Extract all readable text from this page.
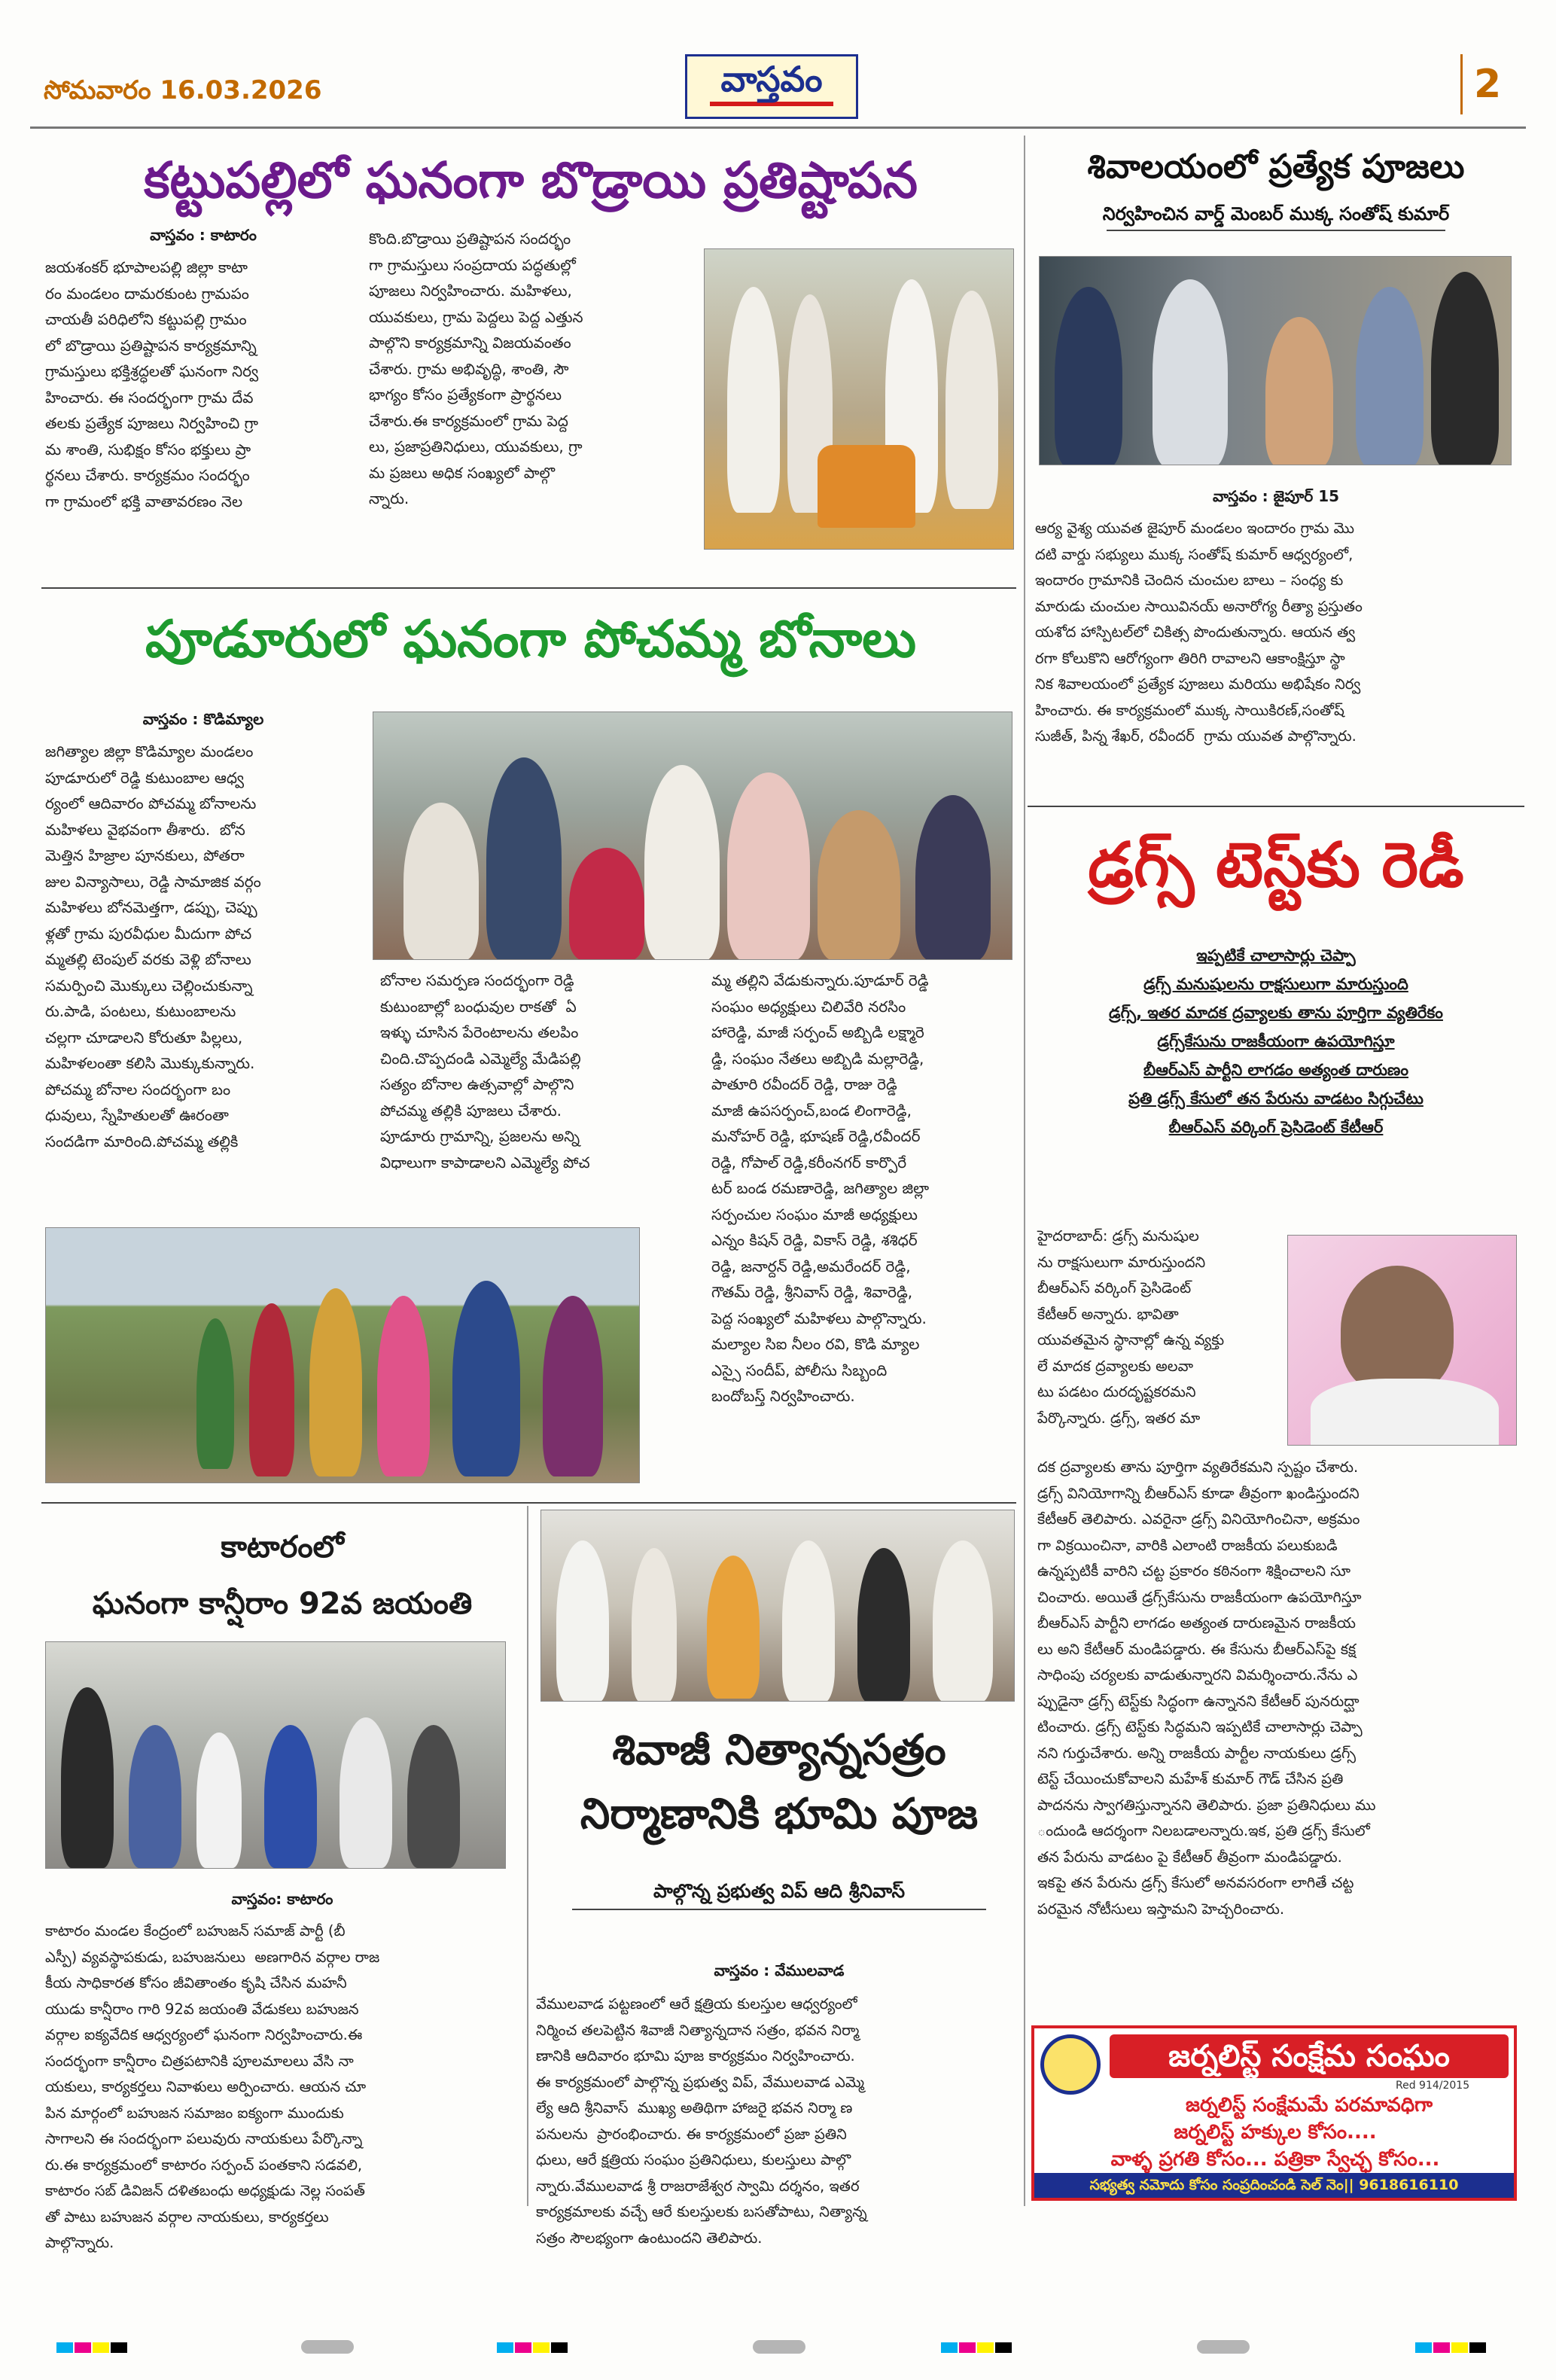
సోమవారం 16.03.2026	వాస్తవం	2
కట్టుపల్లిలో ఘనంగా బొడ్రాయి ప్రతిష్టాపన
వాస్తవం : కాటారం
జయశంకర్ భూపాలపల్లి జిల్లా కాటా
రం మండలం దామరకుంట గ్రామపం
చాయతీ పరిధిలోని కట్టుపల్లి గ్రామం
లో బొడ్రాయి ప్రతిష్టాపన కార్యక్రమాన్ని
గ్రామస్తులు భక్తిశ్రద్ధలతో ఘనంగా నిర్వ
హించారు. ఈ సందర్భంగా గ్రామ దేవ
తలకు ప్రత్యేక పూజలు నిర్వహించి గ్రా
మ శాంతి, సుభిక్షం కోసం భక్తులు ప్రా
ర్థనలు చేశారు. కార్యక్రమం సందర్భం
గా గ్రామంలో భక్తి వాతావరణం నెల
కొంది.బొడ్రాయి ప్రతిష్టాపన సందర్భం
గా గ్రామస్తులు సంప్రదాయ పద్ధతుల్లో
పూజలు నిర్వహించారు. మహిళలు,
యువకులు, గ్రామ పెద్దలు పెద్ద ఎత్తున
పాల్గొని కార్యక్రమాన్ని విజయవంతం
చేశారు. గ్రామ అభివృద్ధి, శాంతి, సౌ
భాగ్యం కోసం ప్రత్యేకంగా ప్రార్థనలు
చేశారు.ఈ కార్యక్రమంలో గ్రామ పెద్ద
లు, ప్రజాప్రతినిధులు, యువకులు, గ్రా
మ ప్రజలు అధిక సంఖ్యలో పాల్గొ
న్నారు.
శివాలయంలో ప్రత్యేక పూజలు
నిర్వహించిన వార్డ్ మెంబర్ ముక్క సంతోష్ కుమార్
వాస్తవం : జైపూర్ 15
ఆర్య వైశ్య యువత జైపూర్ మండలం ఇందారం గ్రామ మొ
దటి వార్డు సభ్యులు ముక్క సంతోష్ కుమార్ ఆధ్వర్యంలో,
ఇందారం గ్రామానికి చెందిన చుంచుల బాలు – సంధ్య కు
మారుడు చుంచుల సాయివినయ్ అనారోగ్య రీత్యా ప్రస్తుతం
యశోద హాస్పిటల్‌లో చికిత్స పొందుతున్నారు. ఆయన త్వ
రగా కోలుకొని ఆరోగ్యంగా తిరిగి రావాలని ఆకాంక్షిస్తూ స్థా
నిక శివాలయంలో ప్రత్యేక పూజలు మరియు అభిషేకం నిర్వ
హించారు. ఈ కార్యక్రమంలో ముక్క సాయికిరణ్,సంతోష్
సుజీత్, పిన్న శేఖర్, రవీందర్  గ్రామ యువత పాల్గొన్నారు.
పూడూరులో ఘనంగా పోచమ్మ బోనాలు
వాస్తవం : కొడిమ్యాల
జగిత్యాల జిల్లా కొడిమ్యాల మండలం
పూడూరులో రెడ్డి కుటుంబాల ఆధ్వ
ర్యంలో ఆదివారం పోచమ్మ బోనాలను
మహిళలు వైభవంగా తీశారు.  బోన
మెత్తిన హిజ్రాల పూనకులు, పోతరా
జుల విన్యాసాలు, రెడ్డి సామాజిక వర్గం
మహిళలు బోనమెత్తగా, డప్పు, చెప్పు
ళ్లతో గ్రామ పురవీధుల మీదుగా పోచ
మ్మతల్లి టెంపుల్ వరకు వెళ్లి బోనాలు
సమర్పించి మొక్కులు చెల్లించుకున్నా
రు.పాడి, పంటలు, కుటుంబాలను
చల్లగా చూడాలని కోరుతూ పిల్లలు,
మహిళలంతా కలిసి మొక్కుకున్నారు.
పోచమ్మ బోనాల సందర్భంగా బం
ధువులు, స్నేహితులతో ఊరంతా
సందడిగా మారింది.పోచమ్మ తల్లికి
బోనాల సమర్పణ సందర్భంగా రెడ్డి
కుటుంబాల్లో బంధువుల రాకతో  ఏ
ఇళ్ళు చూసిన పేరెంటాలను తలపిం
చింది.చొప్పదండి ఎమ్మెల్యే మేడిపల్లి
సత్యం బోనాల ఉత్సవాల్లో పాల్గొని
పోచమ్మ తల్లికి పూజలు చేశారు.
పూడూరు గ్రామాన్ని, ప్రజలను అన్ని
విధాలుగా కాపాడాలని ఎమ్మెల్యే పోచ
మ్మ తల్లిని వేడుకున్నారు.పూడూర్ రెడ్డి
సంఘం అధ్యక్షులు చిలివేరి నరసిం
హారెడ్డి, మాజీ సర్పంచ్ అబ్బిడి లక్ష్మారె
డ్డి, సంఘం నేతలు అబ్బిడి మల్లారెడ్డి,
పాతూరి రవీందర్ రెడ్డి, రాజు రెడ్డి
మాజీ ఉపసర్పంచ్,బండ లింగారెడ్డి,
మనోహర్ రెడ్డి, భూషణ్ రెడ్డి,రవీందర్
రెడ్డి, గోపాల్ రెడ్డి,కరీంనగర్ కార్పొరే
టర్ బండ రమణారెడ్డి, జగిత్యాల జిల్లా
సర్పంచుల సంఘం మాజీ అధ్యక్షులు
ఎన్నం కిషన్ రెడ్డి, వికాస్ రెడ్డి, శశిధర్
రెడ్డి, జనార్దన్ రెడ్డి,అమరేందర్ రెడ్డి,
గౌతమ్ రెడ్డి, శ్రీనివాస్ రెడ్డి, శివారెడ్డి,
పెద్ద సంఖ్యలో మహిళలు పాల్గొన్నారు.
మల్యాల సిఐ నీలం రవి, కొడి మ్యాల
ఎస్సై సందీప్, పోలీసు సిబ్బంది
బందోబస్త్ నిర్వహించారు.
డ్రగ్స్ టెస్ట్‌కు రెడీ
ఇప్పటికే చాలాసార్లు చెప్పా
డ్రగ్స్ మనుషులను రాక్షసులుగా మారుస్తుంది
డ్రగ్స్, ఇతర మాదక ద్రవ్యాలకు తాను పూర్తిగా వ్యతిరేకం
డ్రగ్స్‌కేసును రాజకీయంగా ఉపయోగిస్తూ
బీఆర్ఎస్ పార్టీని లాగడం అత్యంత దారుణం
ప్రతి డ్రగ్స్ కేసులో తన పేరును వాడటం సిగ్గుచేటు
బీఆర్ఎస్ వర్కింగ్ ప్రెసిడెంట్ కేటీఆర్
హైదరాబాద్: డ్రగ్స్ మనుషుల
ను రాక్షసులుగా మారుస్తుందని
బీఆర్ఎస్ వర్కింగ్ ప్రెసిడెంట్
కేటీఆర్ అన్నారు. భావితా
యువతమైన స్థానాల్లో ఉన్న వ్యక్తు
లే మాదక ద్రవ్యాలకు అలవా
టు పడటం దురదృష్టకరమని
పేర్కొన్నారు. డ్రగ్స్, ఇతర మా
దక ద్రవ్యాలకు తాను పూర్తిగా వ్యతిరేకమని స్పష్టం చేశారు.
డ్రగ్స్ వినియోగాన్ని బీఆర్ఎస్ కూడా తీవ్రంగా ఖండిస్తుందని
కేటీఆర్ తెలిపారు. ఎవరైనా డ్రగ్స్ వినియోగించినా, అక్రమం
గా విక్రయించినా, వారికి ఎలాంటి రాజకీయ పలుకుబడి
ఉన్నప్పటికీ వారిని చట్ట ప్రకారం కఠినంగా శిక్షించాలని సూ
చించారు. అయితే డ్రగ్స్‌కేసును రాజకీయంగా ఉపయోగిస్తూ
బీఆర్ఎస్ పార్టీని లాగడం అత్యంత దారుణమైన రాజకీయ
లు అని కేటీఆర్ మండిపడ్డారు. ఈ కేసును బీఆర్ఎస్‌పై కక్ష
సాధింపు చర్యలకు వాడుతున్నారని విమర్శించారు.నేను ఎ
ప్పుడైనా డ్రగ్స్ టెస్ట్‌కు సిద్ధంగా ఉన్నానని కేటీఆర్ పునరుద్ఘా
టించారు. డ్రగ్స్ టెస్ట్‌కు సిద్ధమని ఇప్పటికే చాలాసార్లు చెప్పా
నని గుర్తుచేశారు. అన్ని రాజకీయ పార్టీల నాయకులు డ్రగ్స్
టెస్ట్ చేయించుకోవాలని మహేశ్ కుమార్ గౌడ్ చేసిన ప్రతి
పాదనను స్వాగతిస్తున్నానని తెలిపారు. ప్రజా ప్రతినిధులు ము
ందుండి ఆదర్శంగా నిలబడాలన్నారు.ఇక, ప్రతి డ్రగ్స్ కేసులో
తన పేరును వాడటం పై కేటీఆర్ తీవ్రంగా మండిపడ్డారు.
ఇకపై తన పేరును డ్రగ్స్ కేసులో అనవసరంగా లాగితే చట్ట
పరమైన నోటీసులు ఇస్తామని హెచ్చరించారు.
కాటారంలో
ఘనంగా కాన్షీరాం 92వ జయంతి
వాస్తవం: కాటారం
కాటారం మండల కేంద్రంలో బహుజన్ సమాజ్ పార్టీ (బీ
ఎస్పీ) వ్యవస్థాపకుడు, బహుజనులు  అణగారిన వర్గాల రాజ
కీయ సాధికారత కోసం జీవితాంతం కృషి చేసిన మహనీ
యుడు కాన్షీరాం గారి 92వ జయంతి వేడుకలు బహుజన
వర్గాల ఐక్యవేదిక ఆధ్వర్యంలో ఘనంగా నిర్వహించారు.ఈ
సందర్భంగా కాన్షీరాం చిత్రపటానికి పూలమాలలు వేసి నా
యకులు, కార్యకర్తలు నివాళులు అర్పించారు. ఆయన చూ
పిన మార్గంలో బహుజన సమాజం ఐక్యంగా ముందుకు
సాగాలని ఈ సందర్భంగా పలువురు నాయకులు పేర్కొన్నా
రు.ఈ కార్యక్రమంలో కాటారం సర్పంచ్ పంతకాని సడవలి,
కాటారం సబ్ డివిజన్ దళితబంధు అధ్యక్షుడు నెల్ల సంపత్
తో పాటు బహుజన వర్గాల నాయకులు, కార్యకర్తలు
పాల్గొన్నారు.
శివాజీ నిత్యాన్నసత్రం
నిర్మాణానికి భూమి పూజ
పాల్గొన్న ప్రభుత్వ విప్ ఆది శ్రీనివాస్
వాస్తవం : వేములవాడ
వేములవాడ పట్టణంలో ఆరే క్షత్రియ కులస్తుల ఆధ్వర్యంలో
నిర్మించ తలపెట్టిన శివాజీ నిత్యాన్నదాన సత్రం, భవన నిర్మా
ణానికి ఆదివారం భూమి పూజ కార్యక్రమం నిర్వహించారు.
ఈ కార్యక్రమంలో పాల్గొన్న ప్రభుత్వ విప్, వేములవాడ ఎమ్మె
ల్యే ఆది శ్రీనివాస్  ముఖ్య అతిథిగా హాజరై భవన నిర్మా ణ
పనులను  ప్రారంభించారు. ఈ కార్యక్రమంలో ప్రజా ప్రతిని
ధులు, ఆరే క్షత్రియ సంఘం ప్రతినిధులు, కులస్తులు పాల్గొ
న్నారు.వేములవాడ శ్రీ రాజరాజేశ్వర స్వామి దర్శనం, ఇతర
కార్యక్రమాలకు వచ్చే ఆరే కులస్తులకు బసతోపాటు, నిత్యాన్న
సత్రం సౌలభ్యంగా ఉంటుందని తెలిపారు.
జర్నలిస్ట్ సంక్షేమ సంఘం
Red 914/2015
జర్నలిస్ట్ సంక్షేమమే పరమావధిగా
జర్నలిస్ట్ హక్కుల కోసం....
వాళ్ళ ప్రగతి కోసం... పత్రికా స్వేచ్ఛ కోసం...
సభ్యత్వ నమోదు కోసం సంప్రదించండి సెల్ నెం|| 9618616110
